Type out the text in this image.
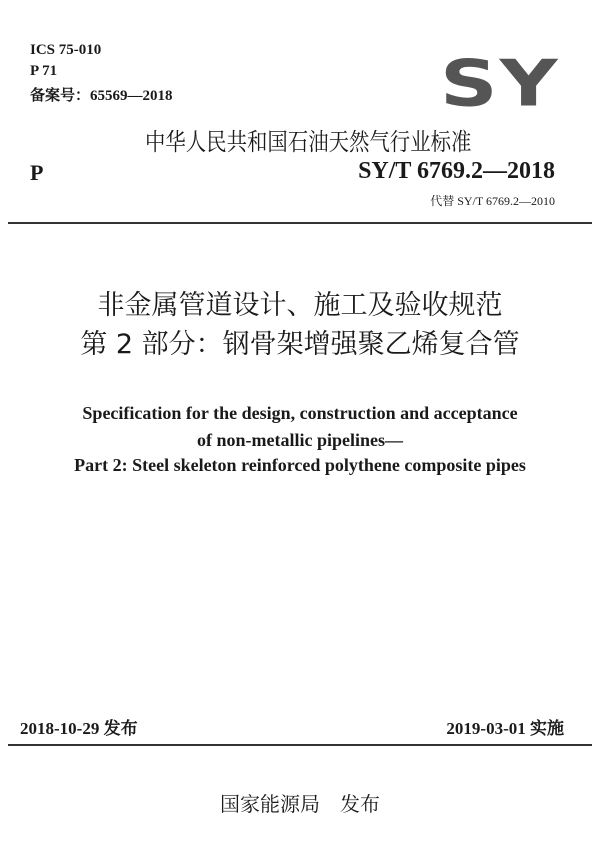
ICS 75-010
P 71
备案号：65569—2018	SY
中华人民共和国石油天然气行业标准
P	SY/T 6769.2—2018
代替 SY/T 6769.2—2010
非金属管道设计、施工及验收规范
第 2 部分：钢骨架增强聚乙烯复合管
Specification for the design, construction and acceptance
of non-metallic pipelines—
Part 2: Steel skeleton reinforced polythene composite pipes
2018-10-29 发布	2019-03-01 实施
国家能源局　发布
